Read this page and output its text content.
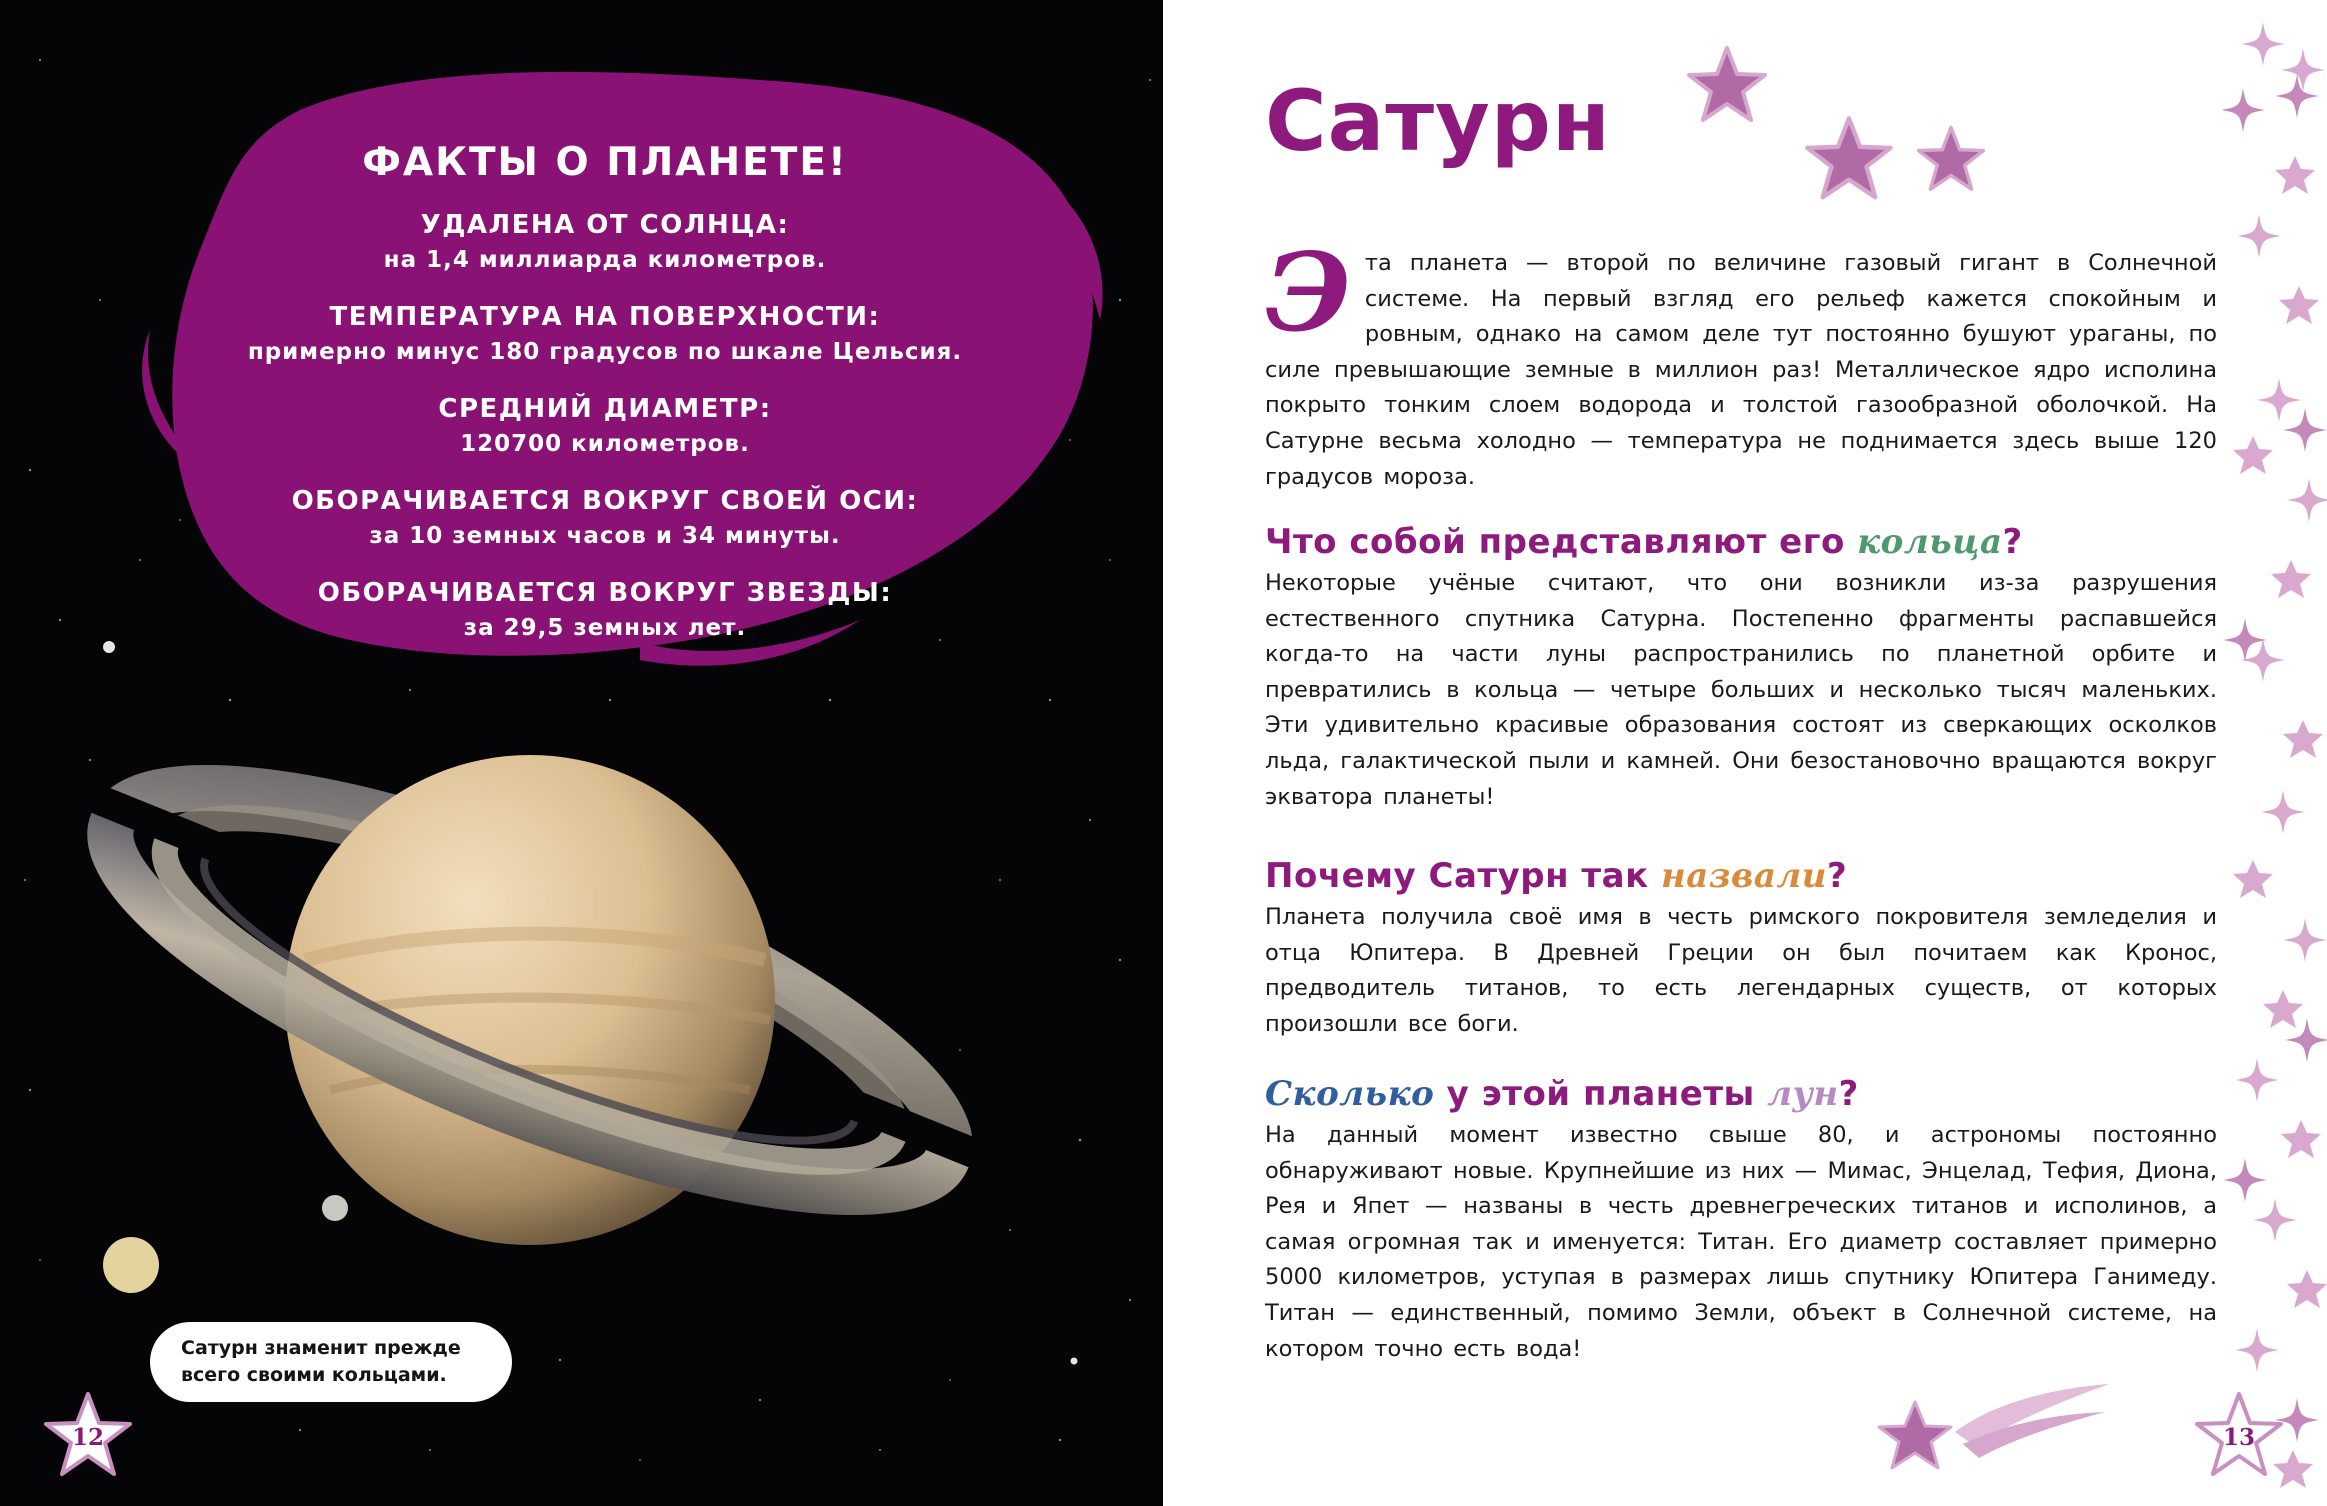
ФАКТЫ О ПЛАНЕТЕ!
УДАЛЕНА ОТ СОЛНЦА:
на 1,4 миллиарда километров.
ТЕМПЕРАТУРА НА ПОВЕРХНОСТИ:
примерно минус 180 градусов по шкале Цельсия.
СРЕДНИЙ ДИАМЕТР:
120700 километров.
ОБОРАЧИВАЕТСЯ ВОКРУГ СВОЕЙ ОСИ:
за 10 земных часов и 34 минуты.
ОБОРАЧИВАЕТСЯ ВОКРУГ ЗВЕЗДЫ:
за 29,5 земных лет.
Сатурн знаменит прежде всего своими кольцами.
12
Сатурн

Эта планета — второй по величине газовый гигант в Солнечной системе. На первый взгляд его рельеф кажется спокойным и ровным, однако на самом деле тут постоянно бушуют ураганы, по силе превышающие земные в миллион раз! Металлическое ядро исполина покрыто тонким слоем водорода и толстой газообразной оболочкой. На Сатурне весьма холодно — температура не поднимается здесь выше 120 градусов мороза.

Что собой представляют его кольца?

Некоторые учёные считают, что они возникли из-за разрушения естественного спутника Сатурна. Постепенно фрагменты распавшейся когда-то на части луны распространились по планетной орбите и превратились в кольца — четыре больших и несколько тысяч маленьких. Эти удивительно красивые образования состоят из сверкающих осколков льда, галактической пыли и камней. Они безостановочно вращаются вокруг экватора планеты!

Почему Сатурн так назвали?

Планета получила своё имя в честь римского покровителя земледелия и отца Юпитера. В Древней Греции он был почитаем как Кронос, предводитель титанов, то есть легендарных существ, от которых произошли все боги.

Сколько у этой планеты лун?

На данный момент известно свыше 80, и астрономы постоянно обнаруживают новые. Крупнейшие из них — Мимас, Энцелад, Тефия, Диона, Рея и Япет — названы в честь древнегреческих титанов и исполинов, а самая огромная так и именуется: Титан. Его диаметр составляет примерно 5000 километров, уступая в размерах лишь спутнику Юпитера Ганимеду. Титан — единственный, помимо Земли, объект в Солнечной системе, на котором точно есть вода!

13
